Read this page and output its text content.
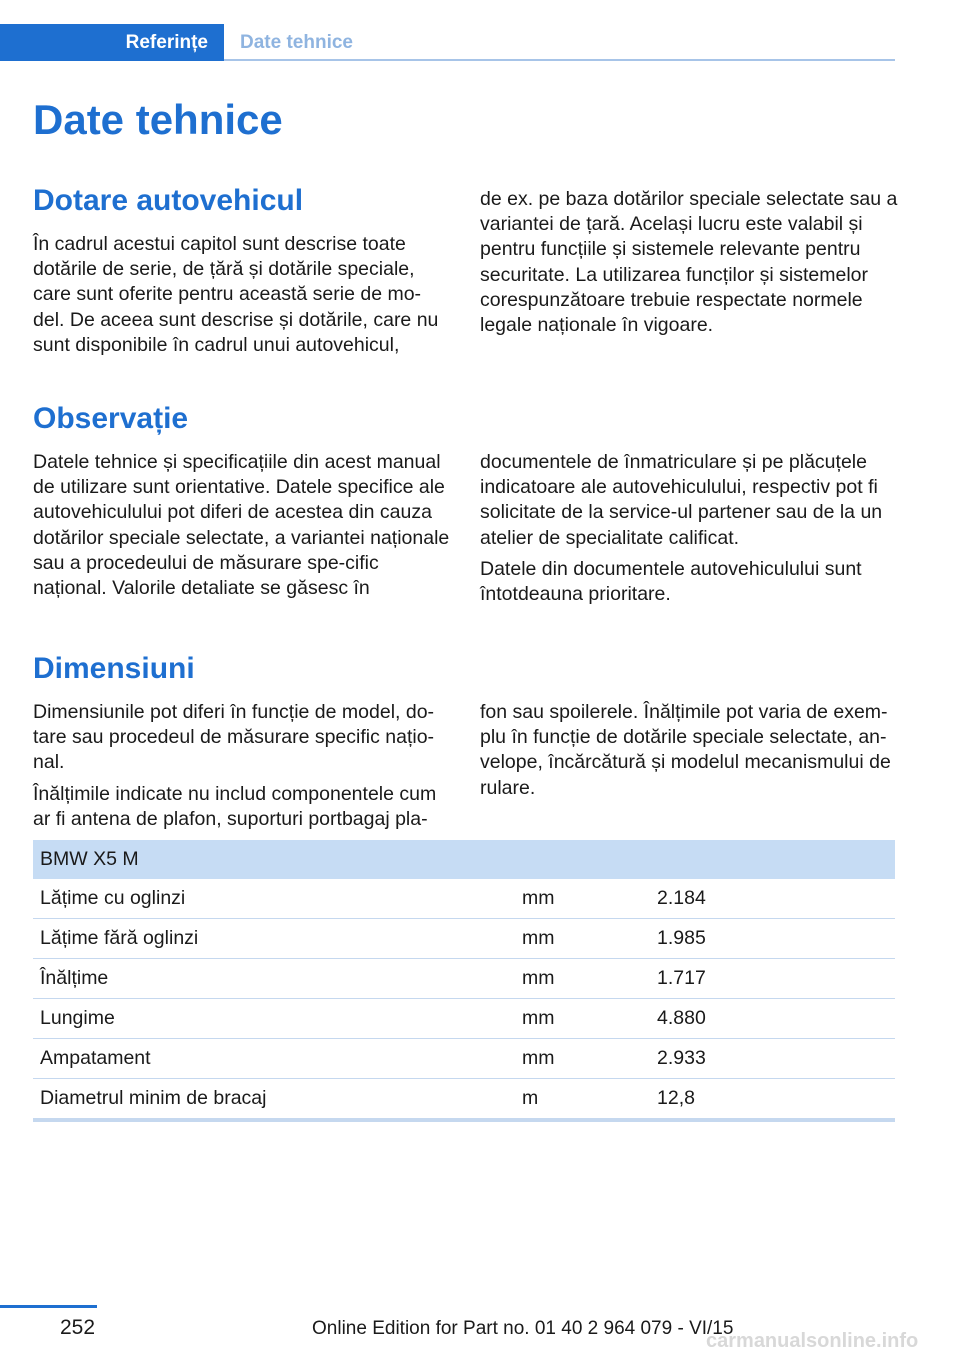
Referințe	Date tehnice
Date tehnice
Dotare autovehicul

În cadrul acestui capitol sunt descrise toate dotările de serie, de țără și dotările speciale, care sunt oferite pentru această serie de mo-del. De aceea sunt descrise și dotările, care nu sunt disponibile în cadrul unui autovehicul,

de ex. pe baza dotărilor speciale selectate sau a variantei de țară. Același lucru este valabil și pentru funcțiile și sistemele relevante pentru securitate. La utilizarea funcților și sistemelor corespunzătoare trebuie respectate normele legale naționale în vigoare.

Observație

Datele tehnice și specificațiile din acest manual de utilizare sunt orientative. Datele specifice ale autovehiculului pot diferi de acestea din cauza dotărilor speciale selectate, a variantei naționale sau a procedeului de măsurare spe-cific național. Valorile detaliate se găsesc în

documentele de înmatriculare și pe plăcuțele indicatoare ale autovehiculului, respectiv pot fi solicitate de la service-ul partener sau de la un atelier de specialitate calificat.

Datele din documentele autovehiculului sunt întotdeauna prioritare.

Dimensiuni

Dimensiunile pot diferi în funcție de model, do-tare sau procedeul de măsurare specific națio-nal.

Înălțimile indicate nu includ componentele cum ar fi antena de plafon, suporturi portbagaj pla-

fon sau spoilerele. Înălțimile pot varia de exem-plu în funcție de dotările speciale selectate, an-velope, încărcătură și modelul mecanismului de rulare.

BMW X5 M		
Lățime cu oglinzi	mm	2.184
Lățime fără oglinzi	mm	1.985
Înălțime	mm	1.717
Lungime	mm	4.880
Ampatament	mm	2.933
Diametrul minim de bracaj	m	12,8
252	Online Edition for Part no. 01 40 2 964 079 - VI/15
carmanualsonline.info
